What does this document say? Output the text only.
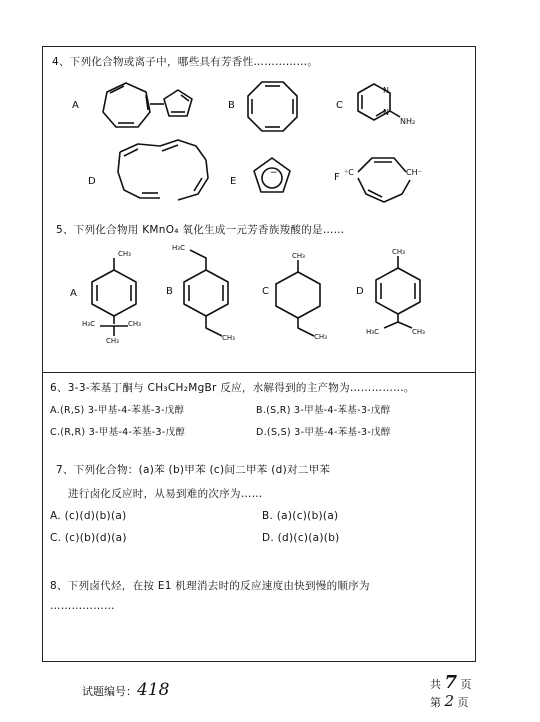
4、下列化合物或离子中，哪些具有芳香性……………。
A	B	C
N
N
NH₂
D	E
−	F ⁺C	CH⁻
5、下列化合物用 KMnO₄ 氧化生成一元芳香族羧酸的是……
A
CH₃
H₃C	CH₃
CH₃
B
H₃C
CH₃
C
CH₃
CH₃
D
CH₃
H₃C	CH₃
6、3-3-苯基丁酮与 CH₃CH₂MgBr 反应，水解得到的主产物为……………。
A.(R,S) 3-甲基-4-苯基-3-戊醇	B.(S,R) 3-甲基-4-苯基-3-戊醇
C.(R,R) 3-甲基-4-苯基-3-戊醇	D.(S,S) 3-甲基-4-苯基-3-戊醇
7、下列化合物：(a)苯 (b)甲苯 (c)间二甲苯 (d)对二甲苯
进行卤化反应时，从易到难的次序为……
A. (c)(d)(b)(a)	B. (a)(c)(b)(a)
C. (c)(b)(d)(a)	D. (d)(c)(a)(b)
8、下列卤代烃，在按 E1 机理消去时的反应速度由快到慢的顺序为
………………
试题编号：418	共 7 页
第 2 页
